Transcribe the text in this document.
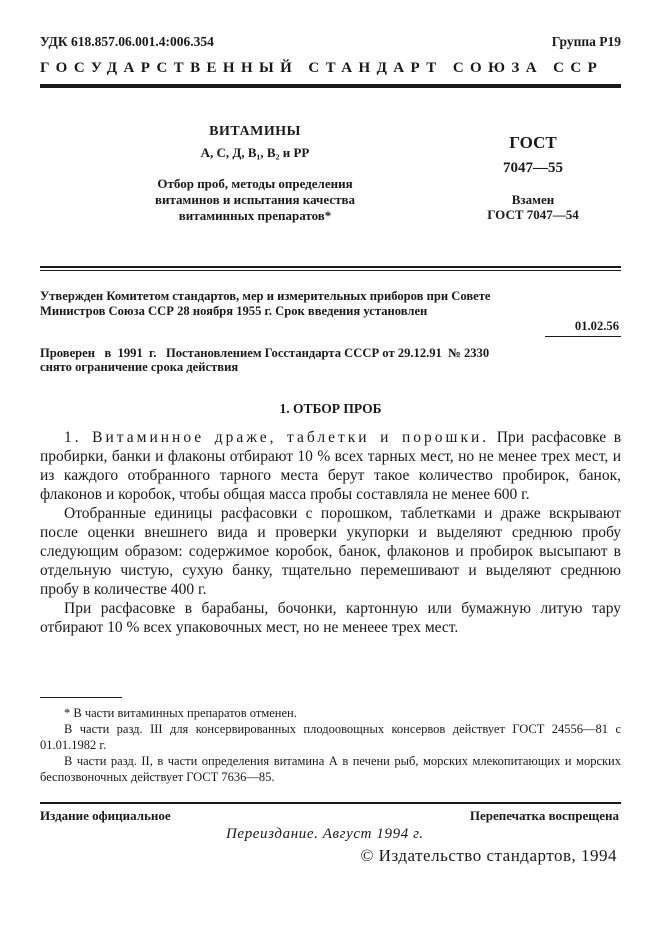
УДК 618.857.06.001.4:006.354	Группа Р19
ГОСУДАРСТВЕННЫЙ СТАНДАРТ СОЮЗА ССР
ВИТАМИНЫ
А, С, Д, В₁, В₂ и РР
Отбор проб, методы определения
витаминов и испытания качества
витаминных препаратов*
ГОСТ
7047—55
Взамен
ГОСТ 7047—54
Утвержден Комитетом стандартов, мер и измерительных приборов при Совете
Министров Союза ССР 28 ноября 1955 г. Срок введения установлен
01.02.56
Проверен   в  1991  г.   Постановлением Госстандарта СССР от 29.12.91  № 2330
снято ограничение срока действия
1. ОТБОР ПРОБ

1. Витаминное драже, таблетки и порошки. При расфасовке в пробирки, банки и флаконы отбирают 10 % всех тарных мест, но не менее трех мест, и из каждого отобранного тарного места берут такое количество пробирок, банок, флаконов и коробок, чтобы общая масса пробы составляла не менее 600 г.

Отобранные единицы расфасовки с порошком, таблетками и драже вскрывают после оценки внешнего вида и проверки укупорки и выделяют среднюю пробу следующим образом: содержимое коробок, банок, флаконов и пробирок высыпают в отдельную чистую, сухую банку, тщательно перемешивают и выделяют среднюю пробу в количестве 400 г.

При расфасовке в барабаны, бочонки, картонную или бумажную литую тару отбирают 10 % всех упаковочных мест, но не менеее трех мест.

* В части витаминных препаратов отменен.

В части разд. III для консервированных плодоовощных консервов действует ГОСТ 24556—81 с 01.01.1982 г.

В части разд. II, в части определения витамина А в печени рыб, морских млекопитающих и морских беспозвоночных действует ГОСТ 7636—85.

Издание официальное	Перепечатка воспрещена
Переиздание. Август 1994 г.
© Издательство стандартов, 1994
